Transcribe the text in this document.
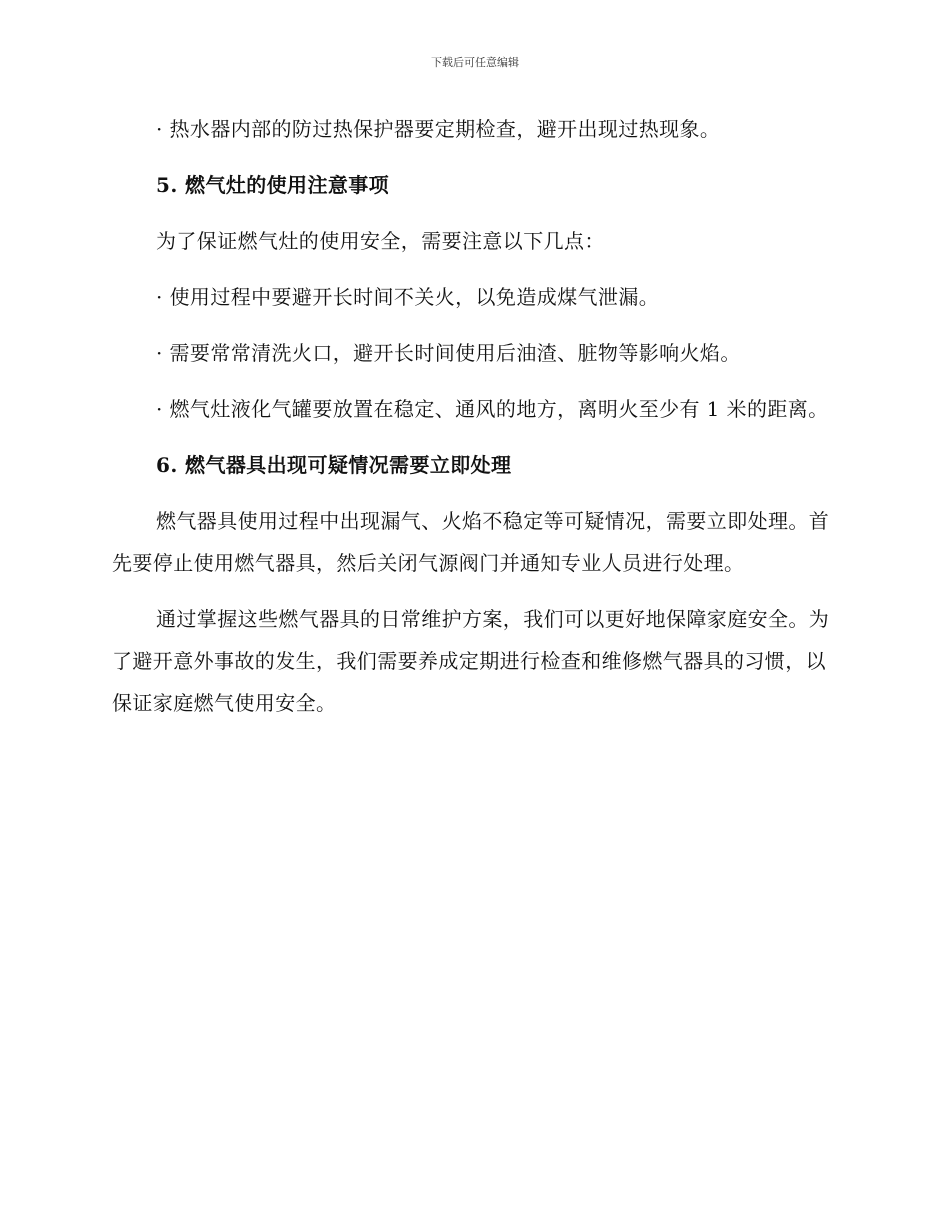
下载后可任意编辑

· 热水器内部的防过热保护器要定期检查，避开出现过热现象。

5. 燃气灶的使用注意事项

为了保证燃气灶的使用安全，需要注意以下几点：

· 使用过程中要避开长时间不关火，以免造成煤气泄漏。

· 需要常常清洗火口，避开长时间使用后油渣、脏物等影响火焰。

· 燃气灶液化气罐要放置在稳定、通风的地方，离明火至少有 1 米的距离。

6. 燃气器具出现可疑情况需要立即处理

燃气器具使用过程中出现漏气、火焰不稳定等可疑情况，需要立即处理。首先要停止使用燃气器具，然后关闭气源阀门并通知专业人员进行处理。

通过掌握这些燃气器具的日常维护方案，我们可以更好地保障家庭安全。为了避开意外事故的发生，我们需要养成定期进行检查和维修燃气器具的习惯，以保证家庭燃气使用安全。
